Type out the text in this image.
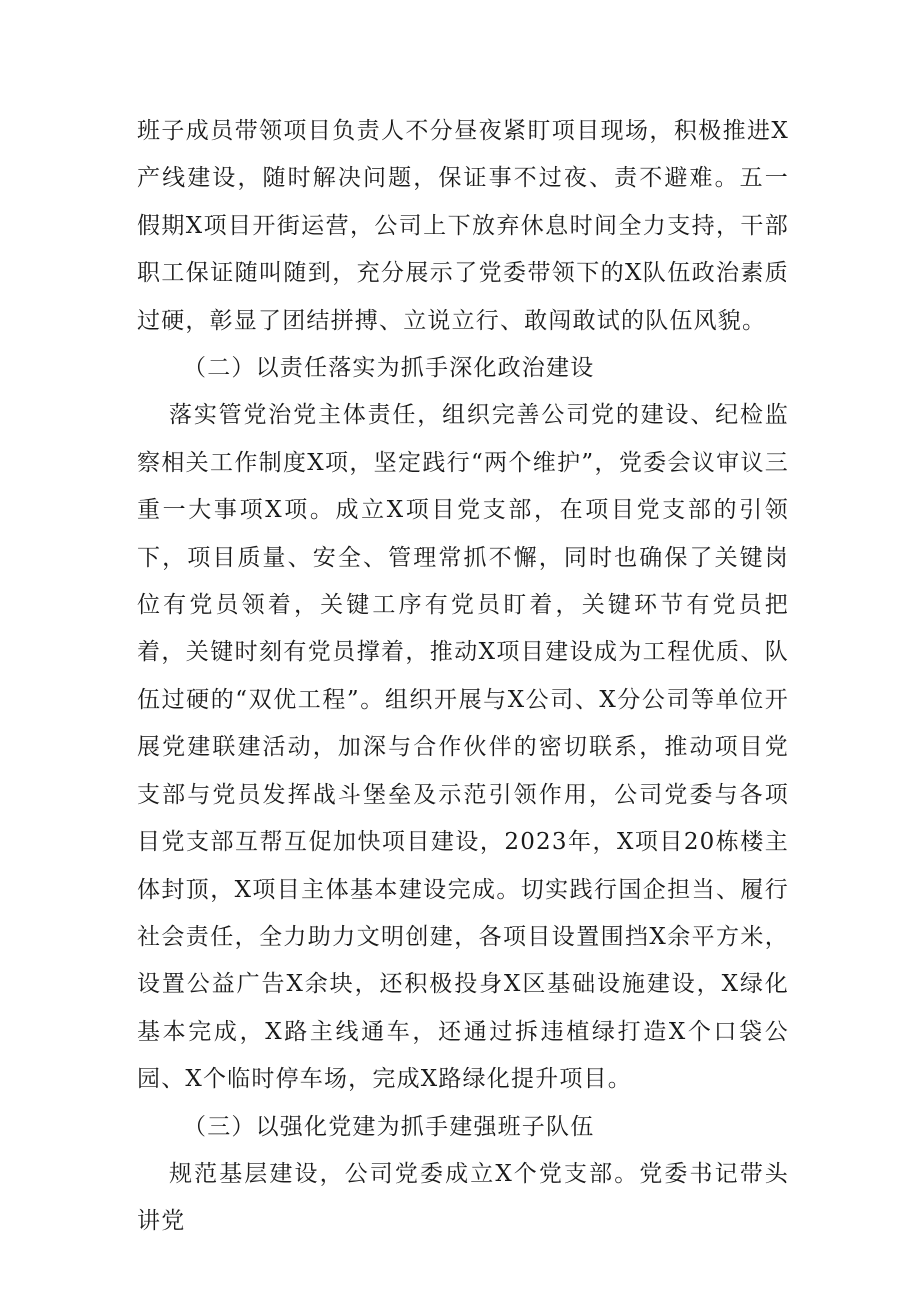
班子成员带领项目负责人不分昼夜紧盯项目现场，积极推进X产线建设，随时解决问题，保证事不过夜、责不避难。五一假期X项目开街运营，公司上下放弃休息时间全力支持，干部职工保证随叫随到，充分展示了党委带领下的X队伍政治素质过硬，彰显了团结拼搏、立说立行、敢闯敢试的队伍风貌。

（二）以责任落实为抓手深化政治建设

落实管党治党主体责任，组织完善公司党的建设、纪检监察相关工作制度X项，坚定践行“两个维护”，党委会议审议三重一大事项X项。成立X项目党支部，在项目党支部的引领下，项目质量、安全、管理常抓不懈，同时也确保了关键岗位有党员领着，关键工序有党员盯着，关键环节有党员把着，关键时刻有党员撑着，推动X项目建设成为工程优质、队伍过硬的“双优工程”。组织开展与X公司、X分公司等单位开展党建联建活动，加深与合作伙伴的密切联系，推动项目党支部与党员发挥战斗堡垒及示范引领作用，公司党委与各项目党支部互帮互促加快项目建设，2023年，X项目20栋楼主体封顶，X项目主体基本建设完成。切实践行国企担当、履行社会责任，全力助力文明创建，各项目设置围挡X余平方米，设置公益广告X余块，还积极投身X区基础设施建设，X绿化基本完成，X路主线通车，还通过拆违植绿打造X个口袋公园、X个临时停车场，完成X路绿化提升项目。

（三）以强化党建为抓手建强班子队伍

规范基层建设，公司党委成立X个党支部。党委书记带头讲党
